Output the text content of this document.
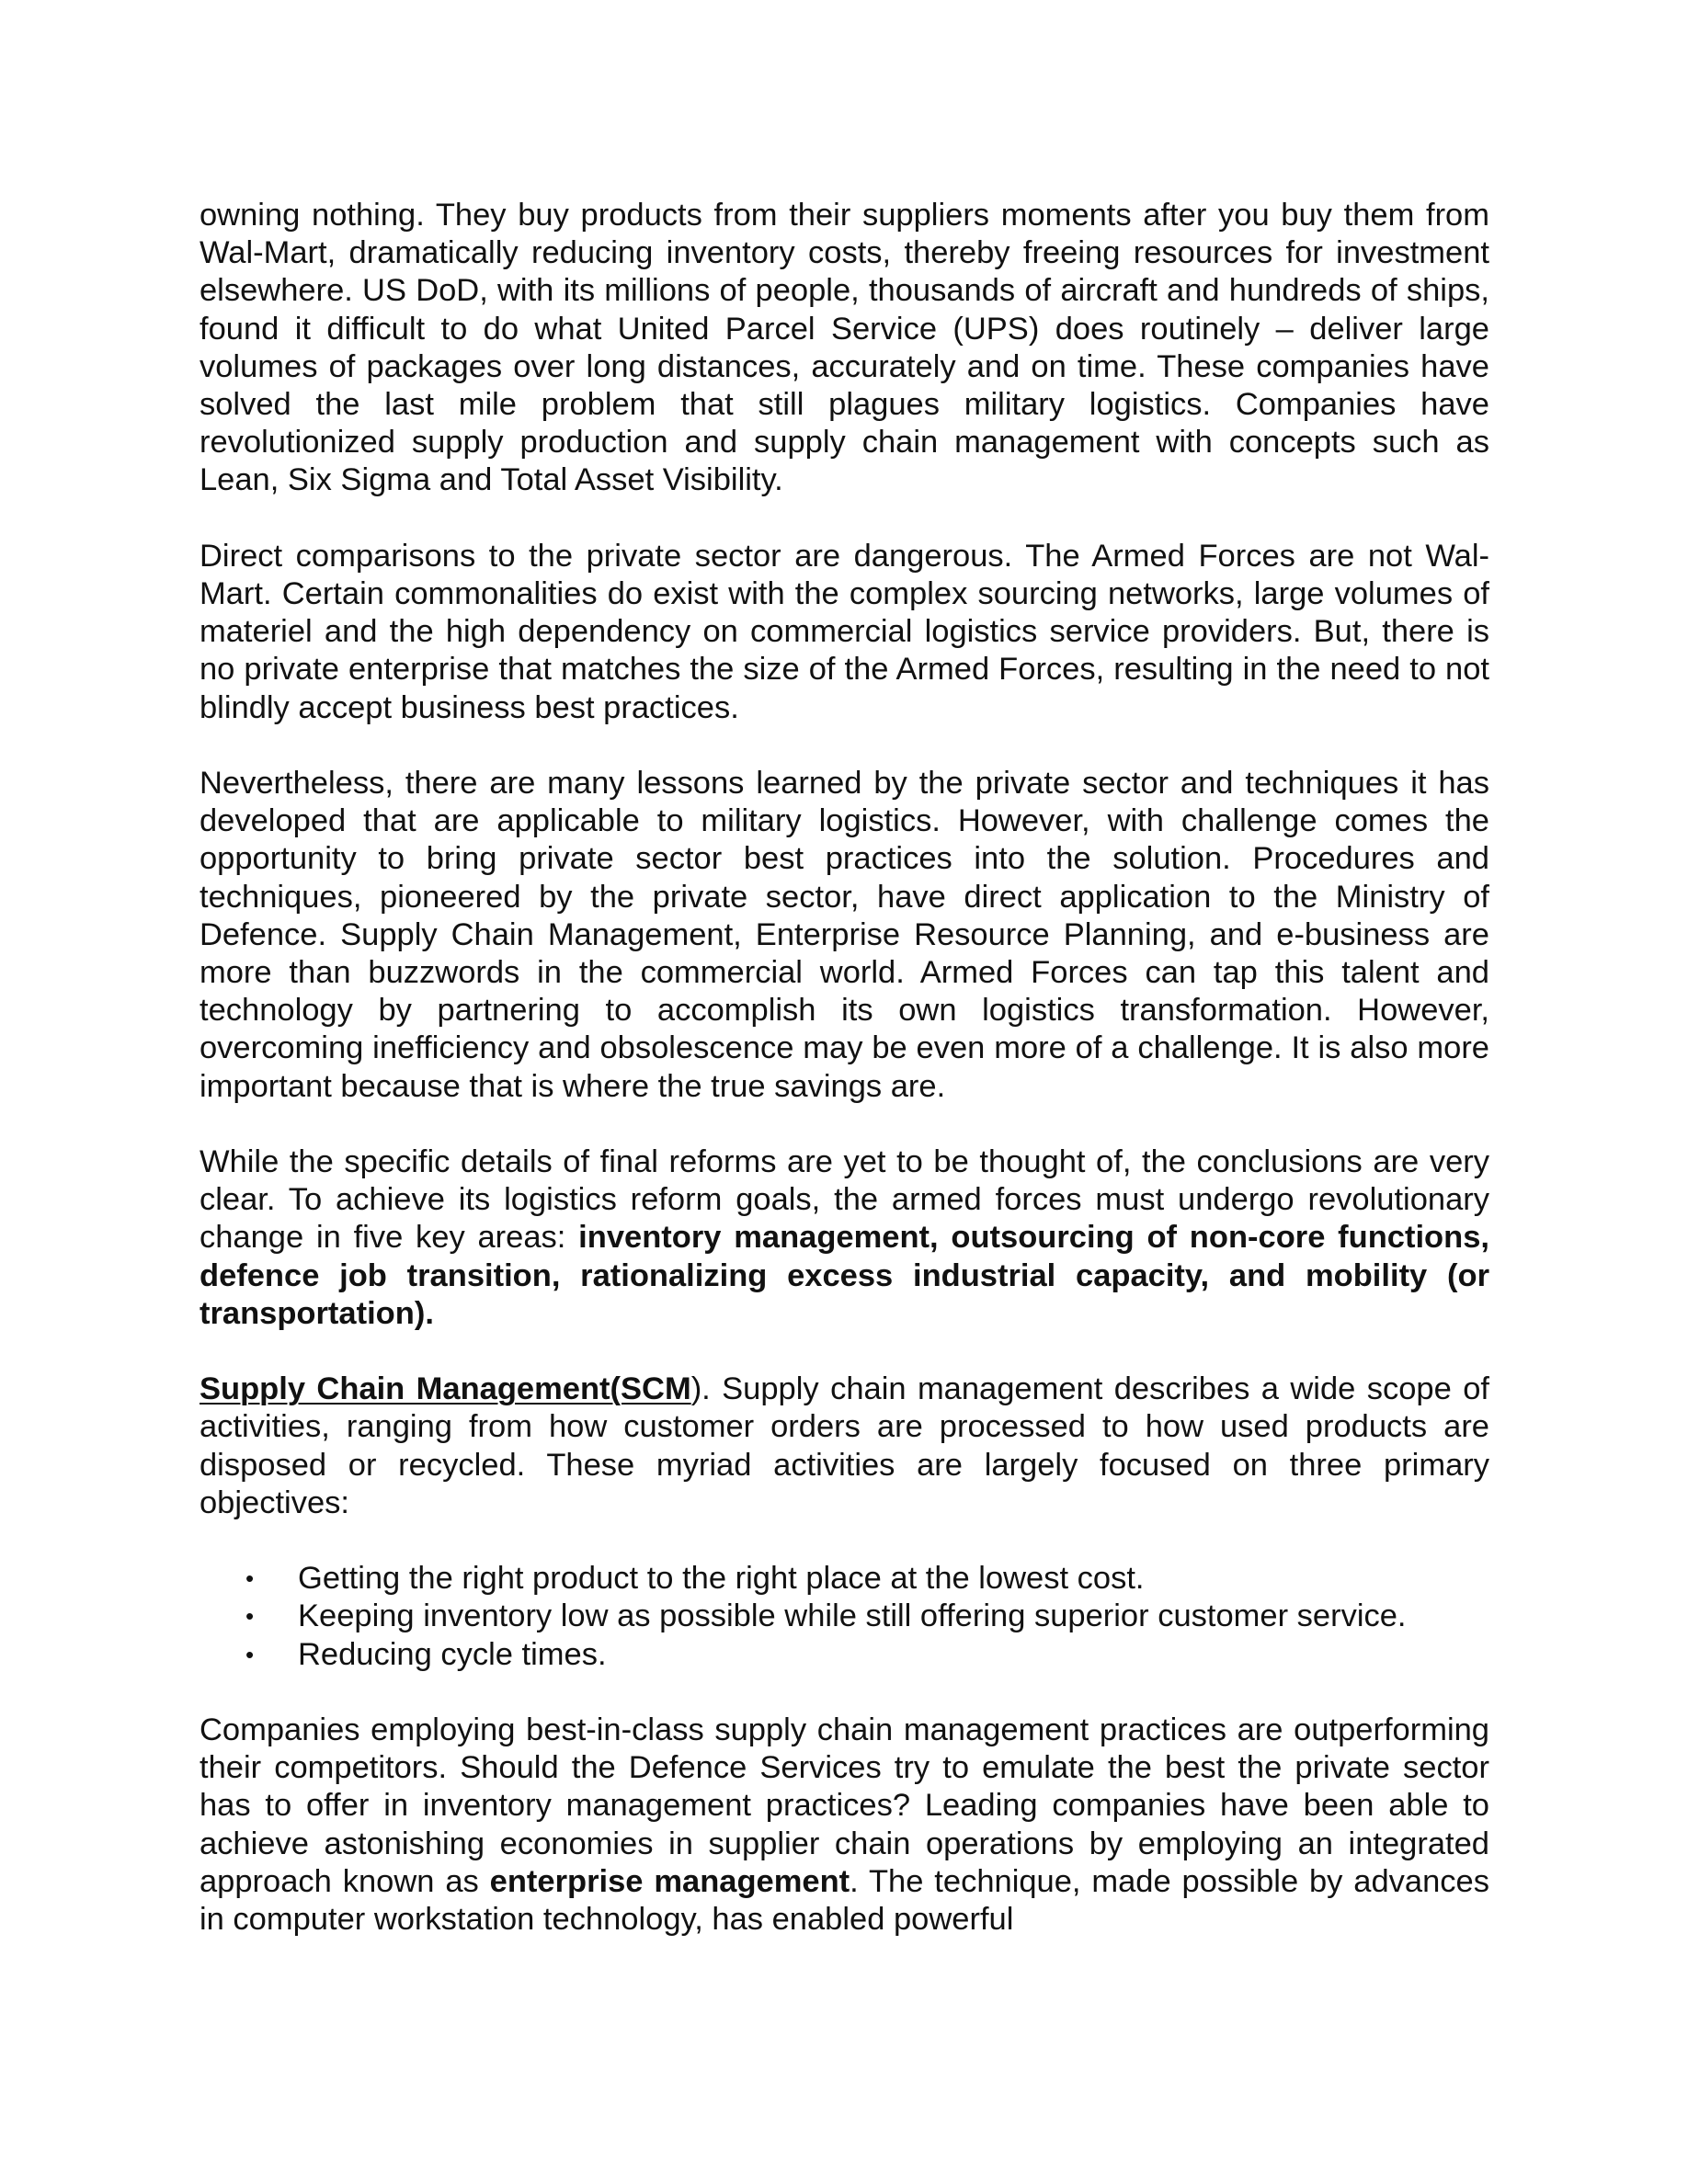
owning nothing. They buy products from their suppliers moments after you buy them from Wal-Mart, dramatically reducing inventory costs, thereby freeing resources for investment elsewhere. US DoD, with its millions of people, thousands of aircraft and hundreds of ships, found it difficult to do what United Parcel Service (UPS) does routinely – deliver large volumes of packages over long distances, accurately and on time. These companies have solved the last mile problem that still plagues military logistics. Companies have revolutionized supply production and supply chain management with concepts such as Lean, Six Sigma and Total Asset Visibility.

Direct comparisons to the private sector are dangerous. The Armed Forces are not Wal-Mart. Certain commonalities do exist with the complex sourcing networks, large volumes of materiel and the high dependency on commercial logistics service providers. But, there is no private enterprise that matches the size of the Armed Forces, resulting in the need to not blindly accept business best practices.

Nevertheless, there are many lessons learned by the private sector and techniques it has developed that are applicable to military logistics. However, with challenge comes the opportunity to bring private sector best practices into the solution. Procedures and techniques, pioneered by the private sector, have direct application to the Ministry of Defence. Supply Chain Management, Enterprise Resource Planning, and e-business are more than buzzwords in the commercial world. Armed Forces can tap this talent and technology by partnering to accomplish its own logistics transformation. However, overcoming inefficiency and obsolescence may be even more of a challenge. It is also more important because that is where the true savings are.

While the specific details of final reforms are yet to be thought of, the conclusions are very clear. To achieve its logistics reform goals, the armed forces must undergo revolutionary change in five key areas: inventory management, outsourcing of non-core functions, defence job transition, rationalizing excess industrial capacity, and mobility (or transportation).

Supply Chain Management(SCM). Supply chain management describes a wide scope of activities, ranging from how customer orders are processed to how used products are disposed or recycled. These myriad activities are largely focused on three primary objectives:

• Getting the right product to the right place at the lowest cost.
• Keeping inventory low as possible while still offering superior customer service.
• Reducing cycle times.

Companies employing best-in-class supply chain management practices are outperforming their competitors. Should the Defence Services try to emulate the best the private sector has to offer in inventory management practices? Leading companies have been able to achieve astonishing economies in supplier chain operations by employing an integrated approach known as enterprise management. The technique, made possible by advances in computer workstation technology, has enabled powerful
